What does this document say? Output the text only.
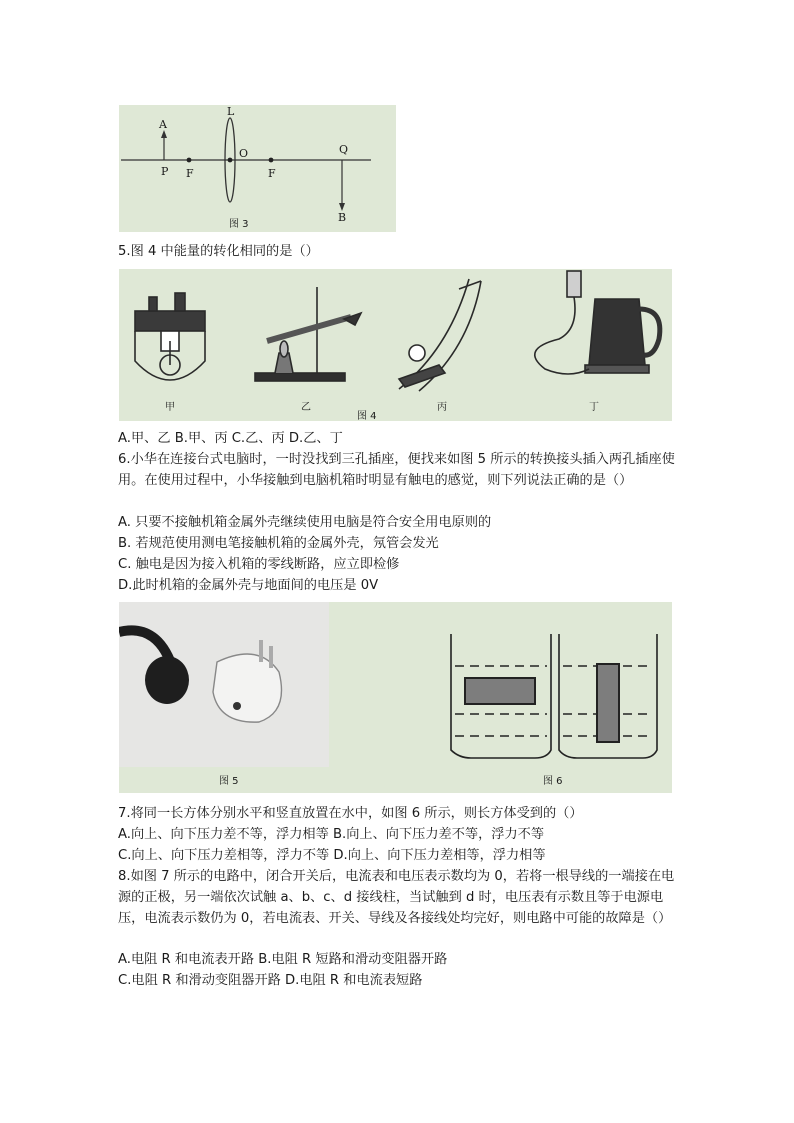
A
P F
L
O
F
Q
B
图 3
5.图 4 中能量的转化相同的是（）
甲	乙
图 4
丙	丁
A.甲、乙 B.甲、丙 C.乙、丙 D.乙、丁
6.小华在连接台式电脑时，一时没找到三孔插座，便找来如图 5 所示的转换接头插入两孔插座使用。在使用过程中，小华接触到电脑机箱时明显有触电的感觉，则下列说法正确的是（）
A. 只要不接触机箱金属外壳继续使用电脑是符合安全用电原则的
B. 若规范使用测电笔接触机箱的金属外壳，氖管会发光
C. 触电是因为接入机箱的零线断路，应立即检修
D.此时机箱的金属外壳与地面间的电压是 0V
图 5	图 6
7.将同一长方体分别水平和竖直放置在水中，如图 6 所示，则长方体受到的（）
A.向上、向下压力差不等，浮力相等 B.向上、向下压力差不等，浮力不等
C.向上、向下压力差相等，浮力不等 D.向上、向下压力差相等，浮力相等
8.如图 7 所示的电路中，闭合开关后，电流表和电压表示数均为 0，若将一根导线的一端接在电源的正极，另一端依次试触 a、b、c、d 接线柱，当试触到 d 时，电压表有示数且等于电源电压，电流表示数仍为 0，若电流表、开关、导线及各接线处均完好，则电路中可能的故障是（）
A.电阻 R 和电流表开路 B.电阻 R 短路和滑动变阻器开路
C.电阻 R 和滑动变阻器开路 D.电阻 R 和电流表短路
